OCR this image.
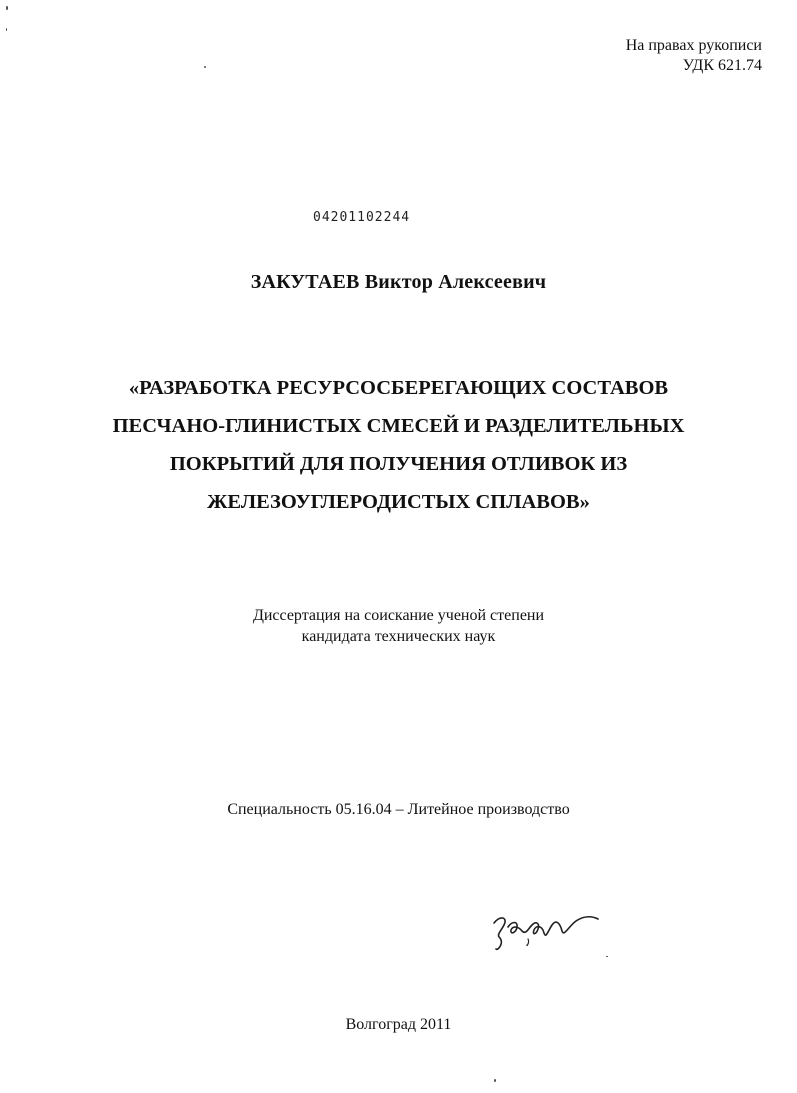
На правах рукописи
УДК 621.74
04201102244
ЗАКУТАЕВ Виктор Алексеевич
«РАЗРАБОТКА РЕСУРСОСБЕРЕГАЮЩИХ СОСТАВОВ
ПЕСЧАНО-ГЛИНИСТЫХ СМЕСЕЙ И РАЗДЕЛИТЕЛЬНЫХ
ПОКРЫТИЙ ДЛЯ ПОЛУЧЕНИЯ ОТЛИВОК ИЗ
ЖЕЛЕЗОУГЛЕРОДИСТЫХ СПЛАВОВ»
Диссертация на соискание ученой степени
кандидата технических наук
Специальность 05.16.04 – Литейное производство
Волгоград 2011
